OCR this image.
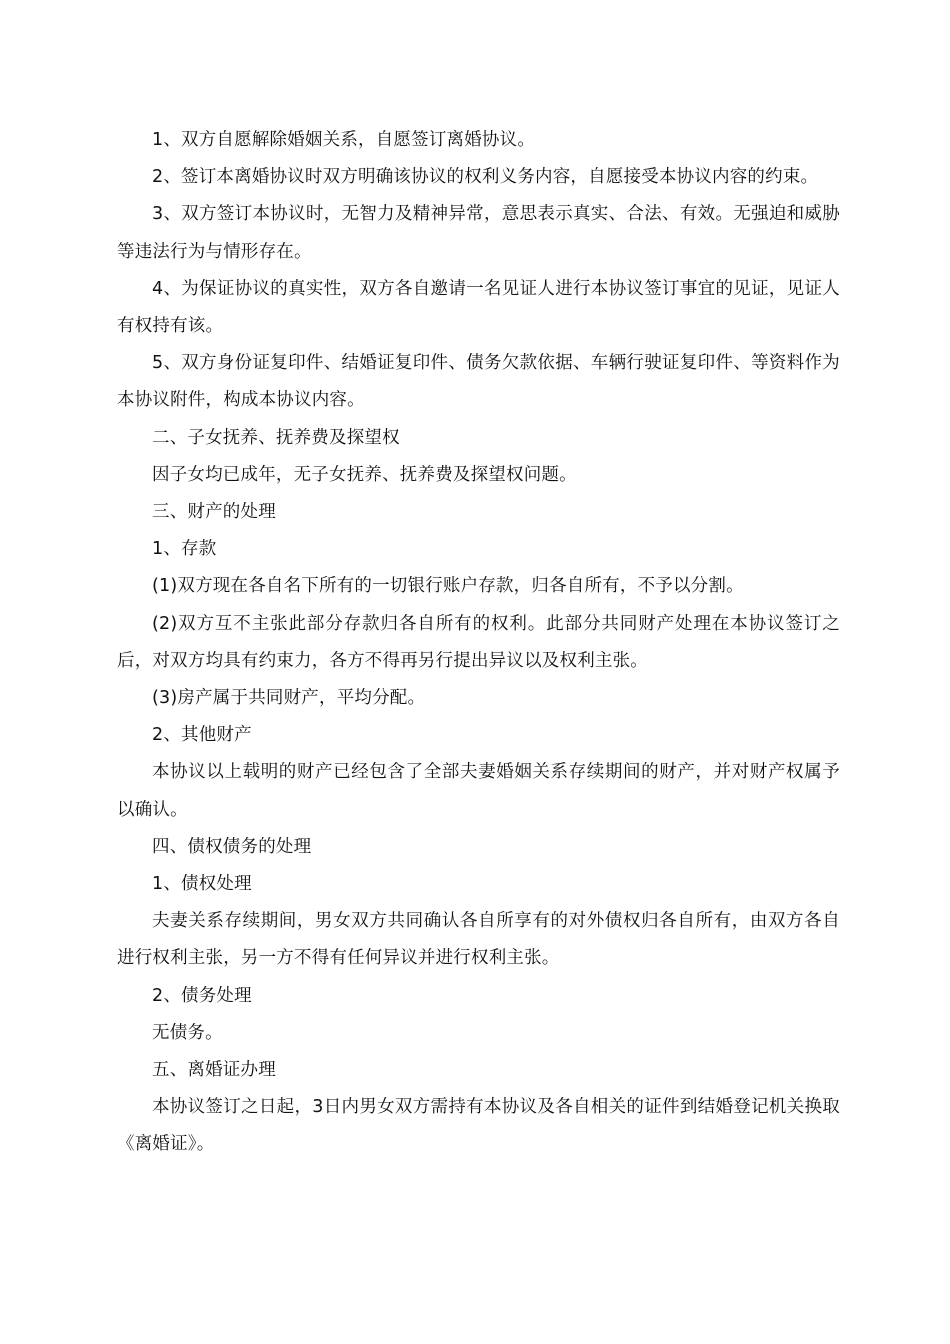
1、双方自愿解除婚姻关系，自愿签订离婚协议。

2、签订本离婚协议时双方明确该协议的权利义务内容，自愿接受本协议内容的约束。

3、双方签订本协议时，无智力及精神异常，意思表示真实、合法、有效。无强迫和威胁等违法行为与情形存在。

4、为保证协议的真实性，双方各自邀请一名见证人进行本协议签订事宜的见证，见证人有权持有该。

5、双方身份证复印件、结婚证复印件、债务欠款依据、车辆行驶证复印件、等资料作为本协议附件，构成本协议内容。

二、子女抚养、抚养费及探望权

因子女均已成年，无子女抚养、抚养费及探望权问题。

三、财产的处理

1、存款

(1)双方现在各自名下所有的一切银行账户存款，归各自所有，不予以分割。

(2)双方互不主张此部分存款归各自所有的权利。此部分共同财产处理在本协议签订之后，对双方均具有约束力，各方不得再另行提出异议以及权利主张。

(3)房产属于共同财产，平均分配。

2、其他财产

本协议以上载明的财产已经包含了全部夫妻婚姻关系存续期间的财产，并对财产权属予以确认。

四、债权债务的处理

1、债权处理

夫妻关系存续期间，男女双方共同确认各自所享有的对外债权归各自所有，由双方各自进行权利主张，另一方不得有任何异议并进行权利主张。

2、债务处理

无债务。

五、离婚证办理

本协议签订之日起，3日内男女双方需持有本协议及各自相关的证件到结婚登记机关换取《离婚证》。
